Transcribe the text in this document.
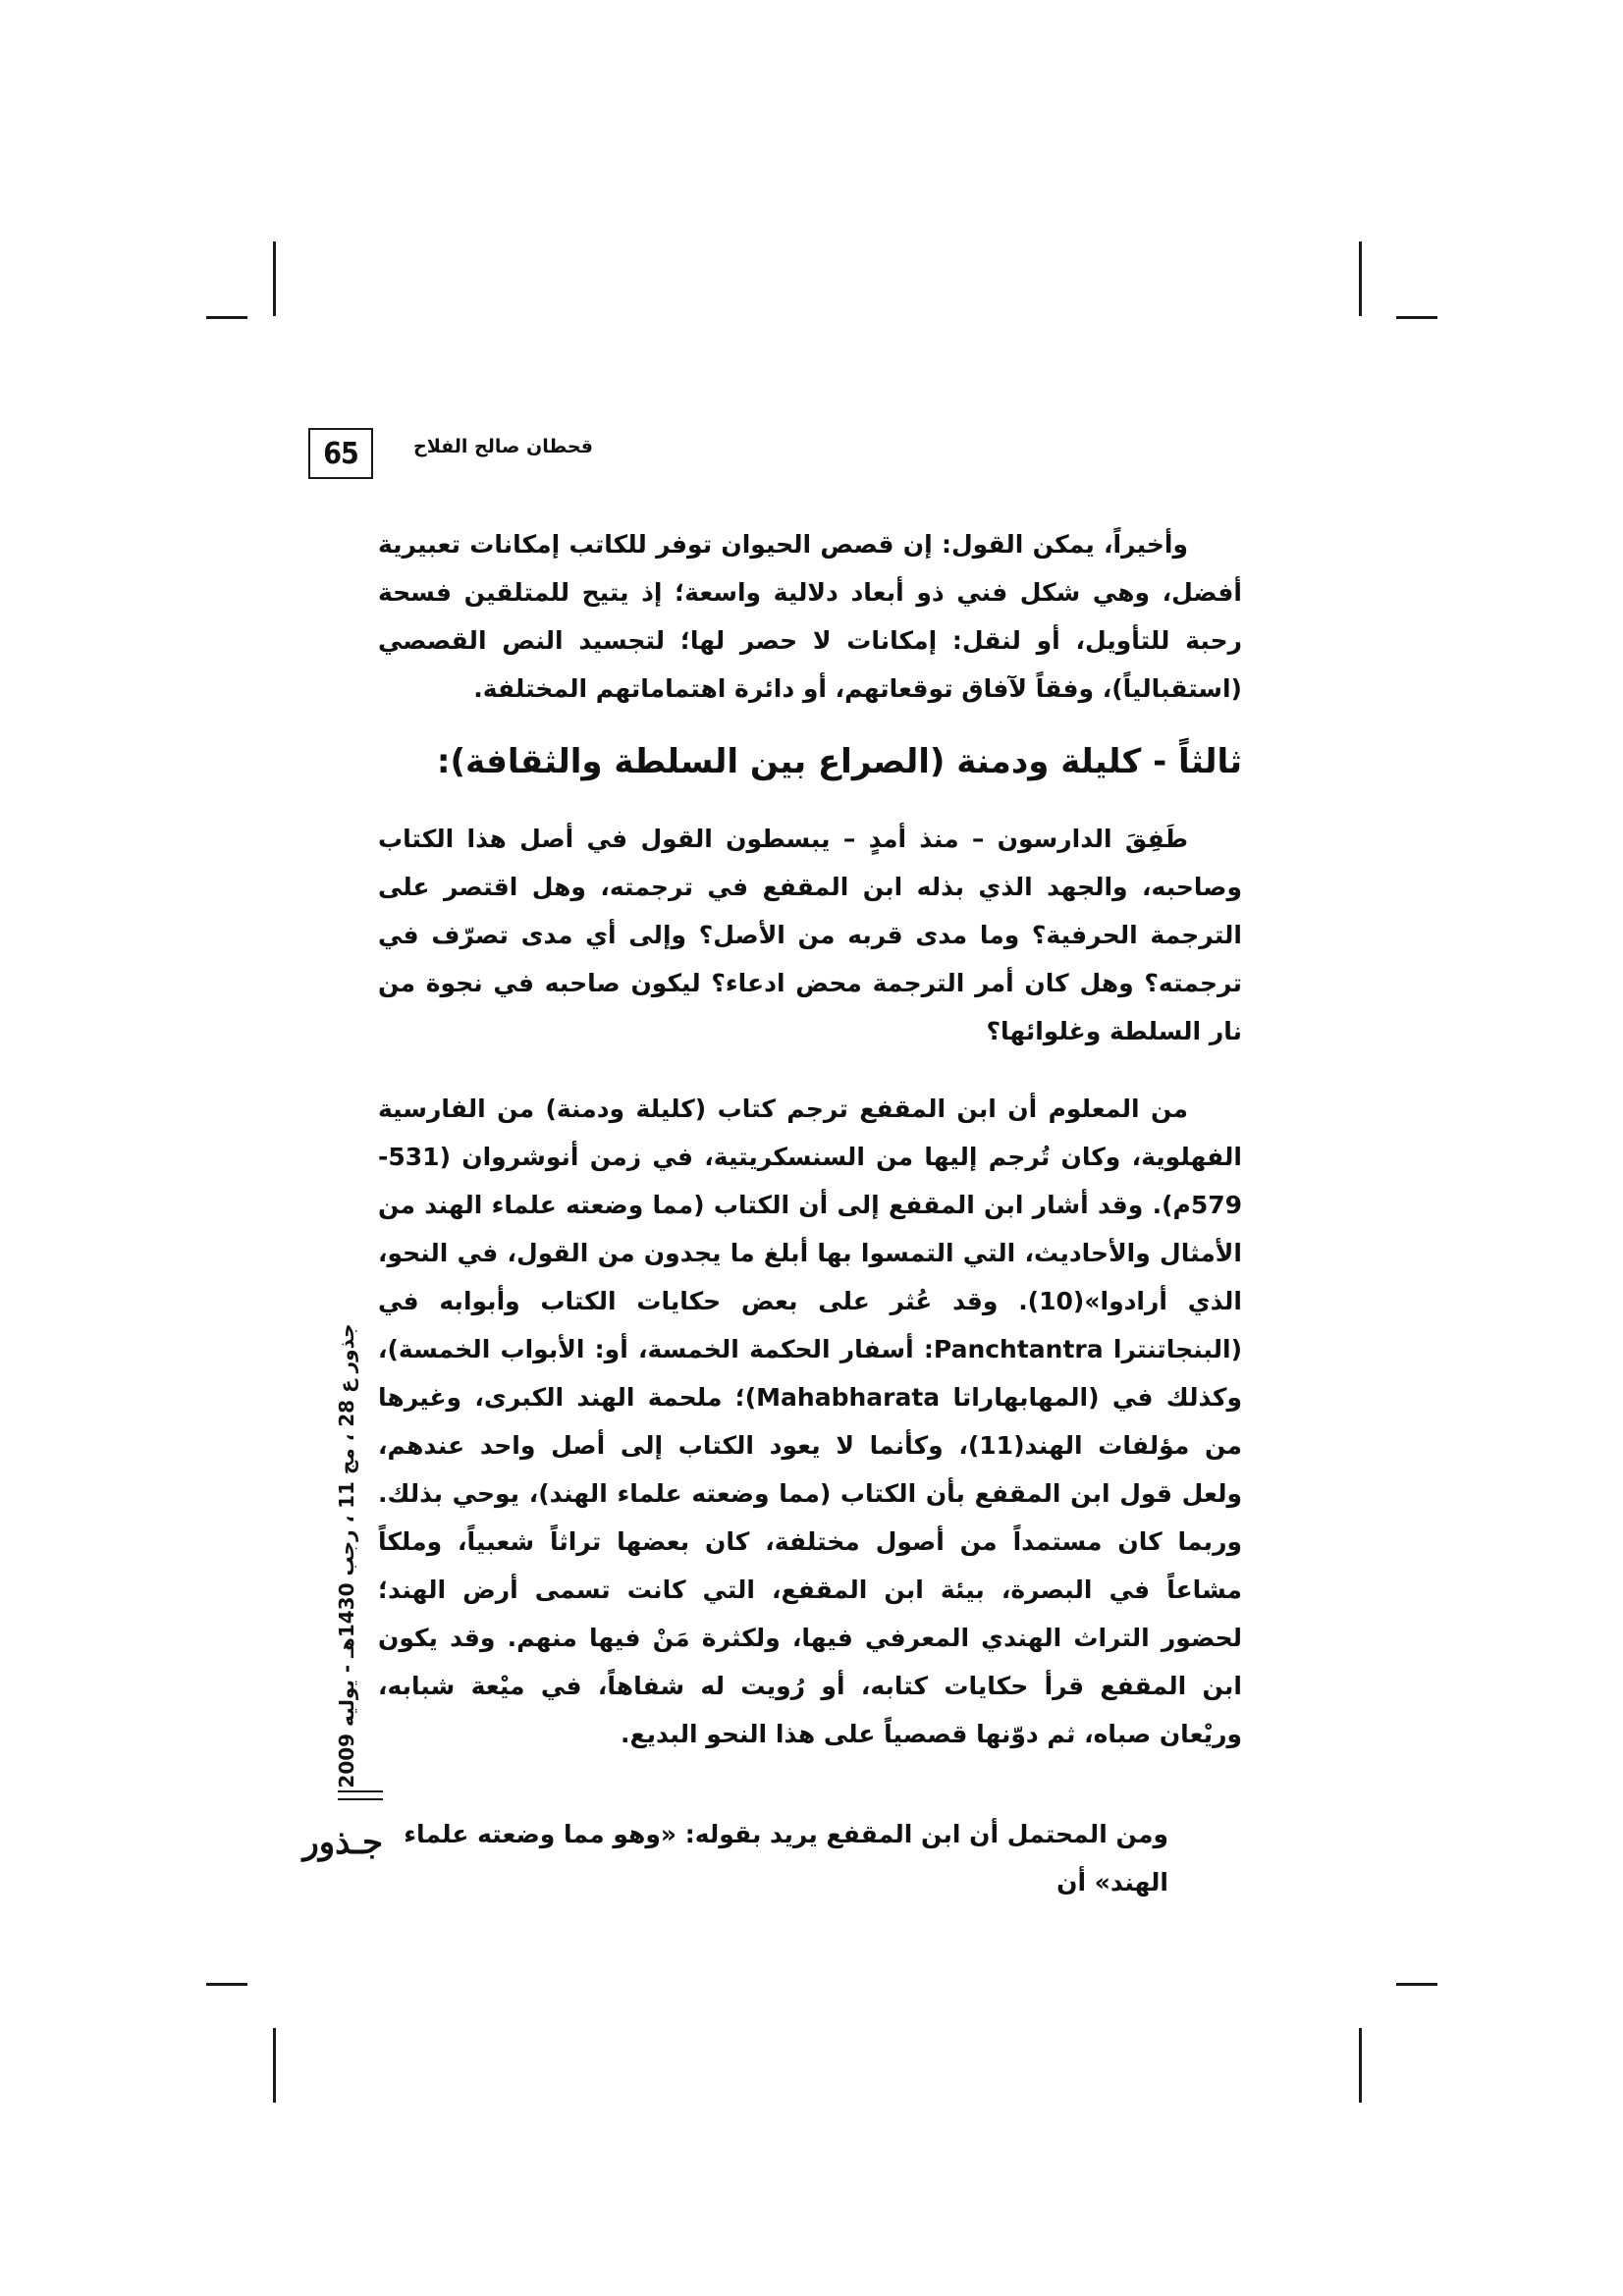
65	قحطان صالح الفلاح

وأخيراً، يمكن القول: إن قصص الحيوان توفر للكاتب إمكانات تعبيرية أفضل، وهي شكل فني ذو أبعاد دلالية واسعة؛ إذ يتيح للمتلقين فسحة رحبة للتأويل، أو لنقل: إمكانات لا حصر لها؛ لتجسيد النص القصصي (استقبالياً)، وفقاً لآفاق توقعاتهم، أو دائرة اهتماماتهم المختلفة.

ثالثاً - كليلة ودمنة (الصراع بين السلطة والثقافة):

طَفِقَ الدارسون – منذ أمدٍ – يبسطون القول في أصل هذا الكتاب وصاحبه، والجهد الذي بذله ابن المقفع في ترجمته، وهل اقتصر على الترجمة الحرفية؟ وما مدى قربه من الأصل؟ وإلى أي مدى تصرّف في ترجمته؟ وهل كان أمر الترجمة محض ادعاء؟ ليكون صاحبه في نجوة من نار السلطة وغلوائها؟

من المعلوم أن ابن المقفع ترجم كتاب (كليلة ودمنة) من الفارسية الفهلوية، وكان تُرجم إليها من السنسكريتية، في زمن أنوشروان (531-579م). وقد أشار ابن المقفع إلى أن الكتاب (مما وضعته علماء الهند من الأمثال والأحاديث، التي التمسوا بها أبلغ ما يجدون من القول، في النحو، الذي أرادوا»(10). وقد عُثر على بعض حكايات الكتاب وأبوابه في (البنجاتنترا Panchtantra: أسفار الحكمة الخمسة، أو: الأبواب الخمسة)، وكذلك في (المهابهاراتا Mahabharata)؛ ملحمة الهند الكبرى، وغيرها من مؤلفات الهند(11)، وكأنما لا يعود الكتاب إلى أصل واحد عندهم، ولعل قول ابن المقفع بأن الكتاب (مما وضعته علماء الهند)، يوحي بذلك. وربما كان مستمداً من أصول مختلفة، كان بعضها تراثاً شعبياً، وملكاً مشاعاً في البصرة، بيئة ابن المقفع، التي كانت تسمى أرض الهند؛ لحضور التراث الهندي المعرفي فيها، ولكثرة مَنْ فيها منهم. وقد يكون ابن المقفع قرأ حكايات كتابه، أو رُويت له شفاهاً، في ميْعة شبابه، وريْعان صباه، ثم دوّنها قصصياً على هذا النحو البديع.

جذور ع 28 ، مج 11 ، رجب 1430هـ - يوليه 2009
جـذور ومن المحتمل أن ابن المقفع يريد بقوله: «وهو مما وضعته علماء الهند» أن
